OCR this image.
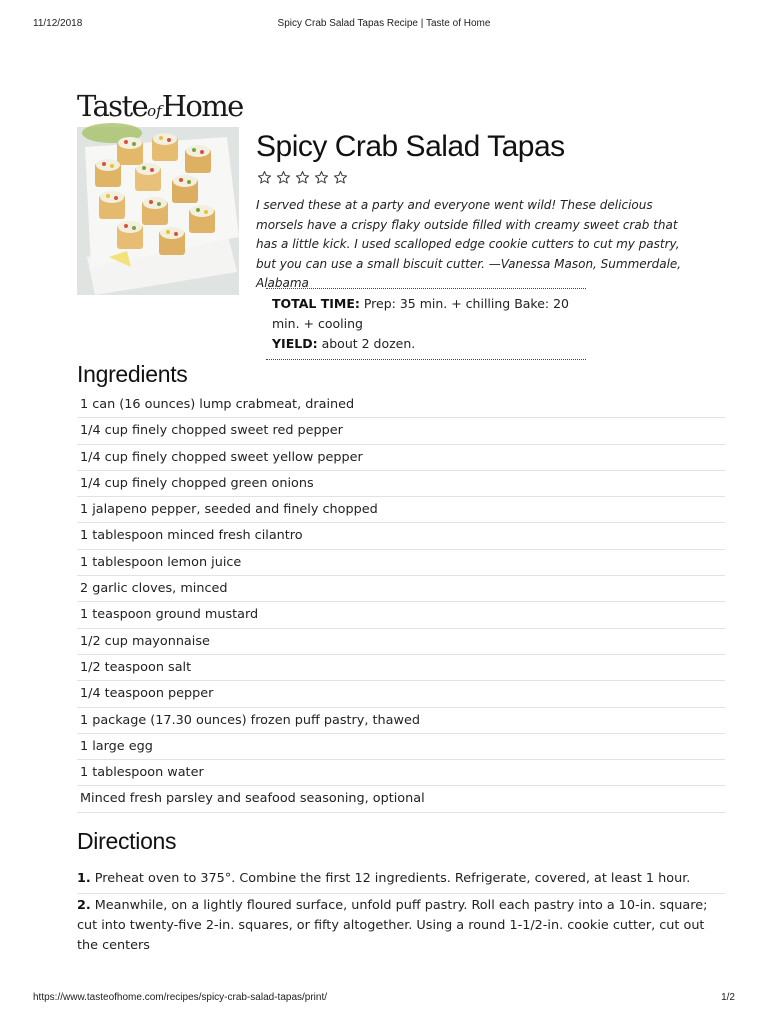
11/12/2018	Spicy Crab Salad Tapas Recipe | Taste of Home
TasteofHome
Spicy Crab Salad Tapas

I served these at a party and everyone went wild! These delicious morsels have a crispy flaky outside filled with creamy sweet crab that has a little kick. I used scalloped edge cookie cutters to cut my pastry, but you can use a small biscuit cutter. —Vanessa Mason, Summerdale, Alabama

TOTAL TIME: Prep: 35 min. + chilling Bake: 20 min. + cooling
YIELD: about 2 dozen.
Ingredients
1 can (16 ounces) lump crabmeat, drained
1/4 cup finely chopped sweet red pepper
1/4 cup finely chopped sweet yellow pepper
1/4 cup finely chopped green onions
1 jalapeno pepper, seeded and finely chopped
1 tablespoon minced fresh cilantro
1 tablespoon lemon juice
2 garlic cloves, minced
1 teaspoon ground mustard
1/2 cup mayonnaise
1/2 teaspoon salt
1/4 teaspoon pepper
1 package (17.30 ounces) frozen puff pastry, thawed
1 large egg
1 tablespoon water
Minced fresh parsley and seafood seasoning, optional
Directions
1. Preheat oven to 375°. Combine the first 12 ingredients. Refrigerate, covered, at least 1 hour.
2. Meanwhile, on a lightly floured surface, unfold puff pastry. Roll each pastry into a 10-in. square; cut into twenty-five 2-in. squares, or fifty altogether. Using a round 1-1/2-in. cookie cutter, cut out the centers
https://www.tasteofhome.com/recipes/spicy-crab-salad-tapas/print/	1/2
